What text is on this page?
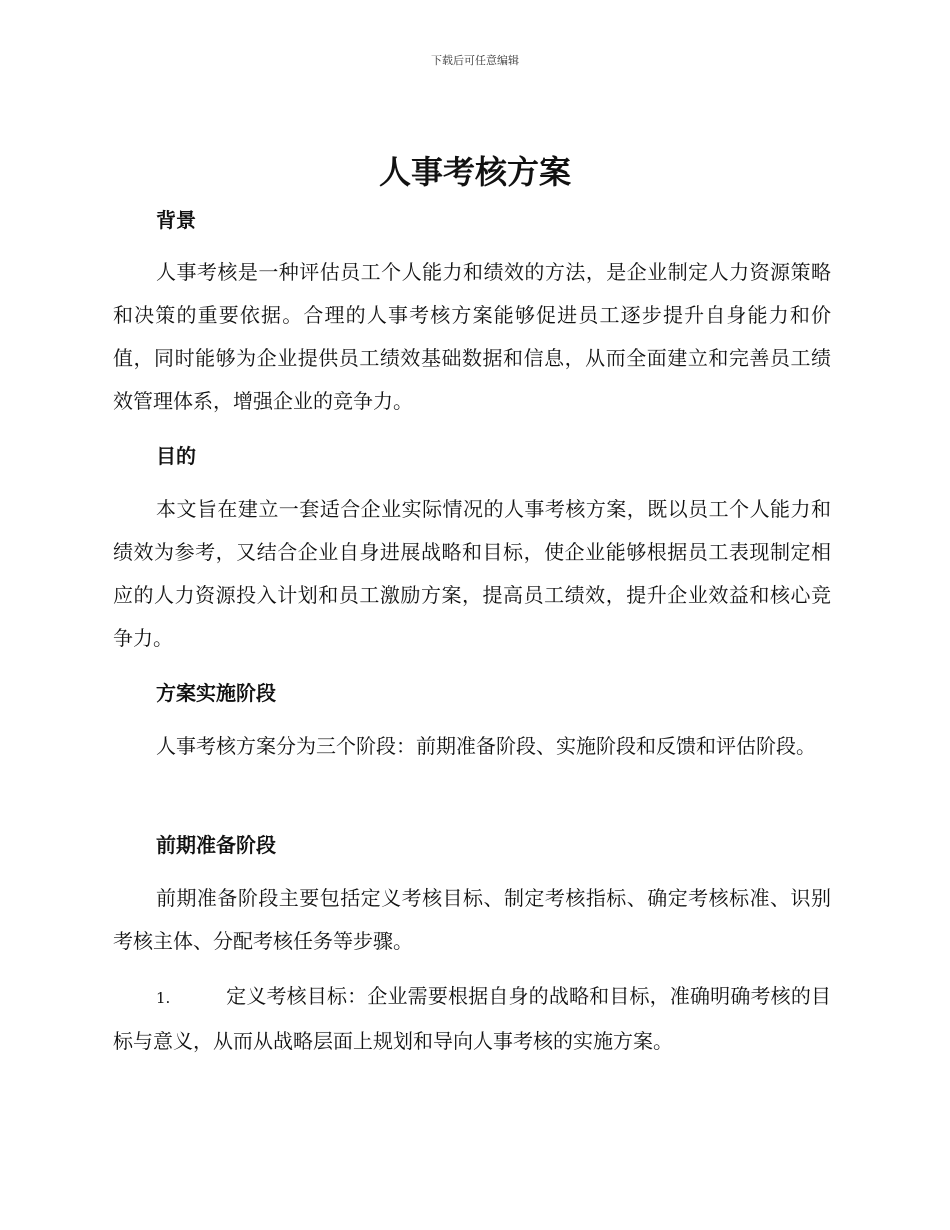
下载后可任意编辑
人事考核方案
背景

人事考核是一种评估员工个人能力和绩效的方法，是企业制定人力资源策略和决策的重要依据。合理的人事考核方案能够促进员工逐步提升自身能力和价值，同时能够为企业提供员工绩效基础数据和信息，从而全面建立和完善员工绩效管理体系，增强企业的竞争力。

目的

本文旨在建立一套适合企业实际情况的人事考核方案，既以员工个人能力和绩效为参考，又结合企业自身进展战略和目标，使企业能够根据员工表现制定相应的人力资源投入计划和员工激励方案，提高员工绩效，提升企业效益和核心竞争力。

方案实施阶段

人事考核方案分为三个阶段：前期准备阶段、实施阶段和反馈和评估阶段。

前期准备阶段

前期准备阶段主要包括定义考核目标、制定考核指标、确定考核标准、识别考核主体、分配考核任务等步骤。

1.	定义考核目标：企业需要根据自身的战略和目标，准确明确考核的目标与意义，从而从战略层面上规划和导向人事考核的实施方案。
